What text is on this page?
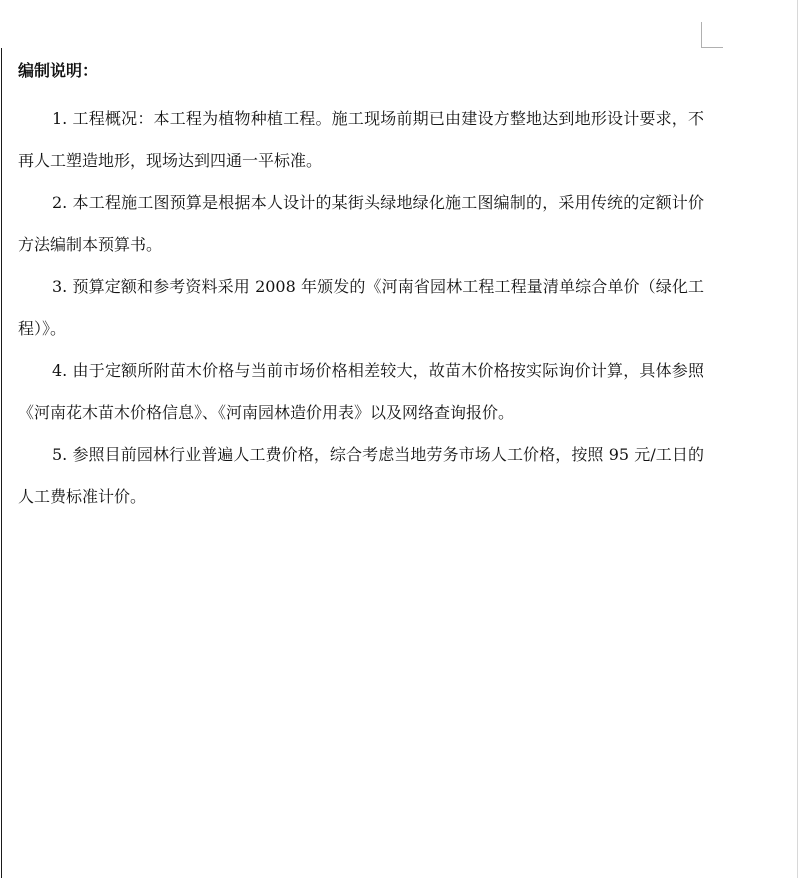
编制说明：

1. 工程概况：本工程为植物种植工程。施工现场前期已由建设方整地达到地形设计要求，不再人工塑造地形，现场达到四通一平标准。

2. 本工程施工图预算是根据本人设计的某街头绿地绿化施工图编制的，采用传统的定额计价方法编制本预算书。

3. 预算定额和参考资料采用 2008 年颁发的《河南省园林工程工程量清单综合单价（绿化工程）》。

4. 由于定额所附苗木价格与当前市场价格相差较大，故苗木价格按实际询价计算，具体参照《河南花木苗木价格信息》、《河南园林造价用表》以及网络查询报价。

5. 参照目前园林行业普遍人工费价格，综合考虑当地劳务市场人工价格，按照 95 元/工日的人工费标准计价。
